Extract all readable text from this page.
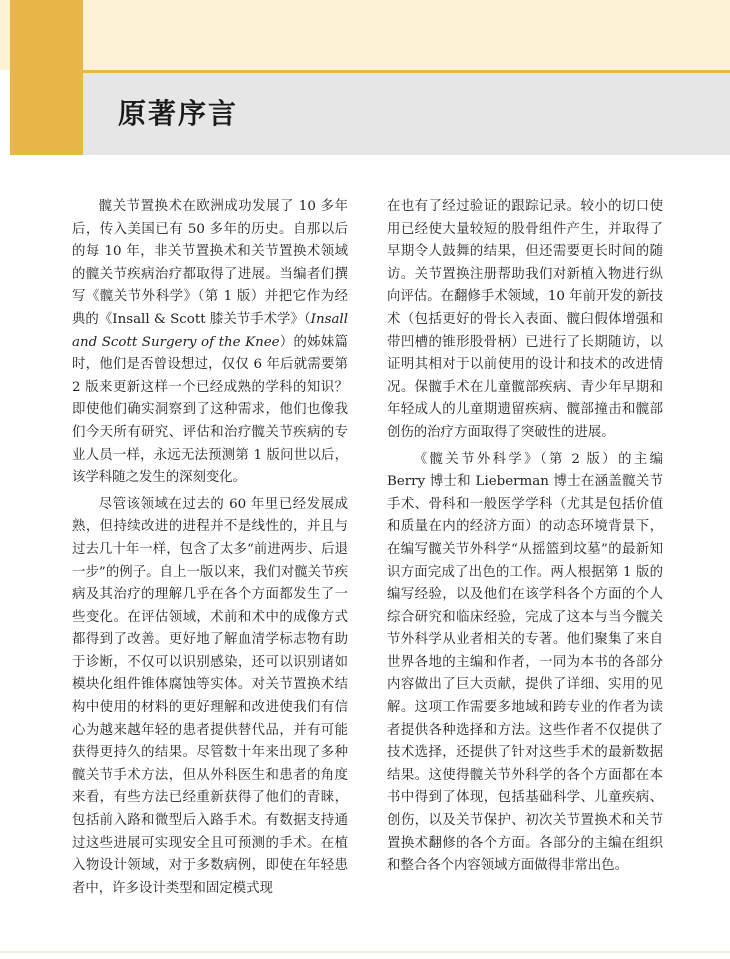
原著序言

髋关节置换术在欧洲成功发展了 10 多年后，传入美国已有 50 多年的历史。自那以后的每 10 年，非关节置换术和关节置换术领域的髋关节疾病治疗都取得了进展。当编者们撰写《髋关节外科学》（第 1 版）并把它作为经典的《Insall & Scott 膝关节手术学》（Insall and Scott Surgery of the Knee）的姊妹篇时，他们是否曾设想过，仅仅 6 年后就需要第 2 版来更新这样一个已经成熟的学科的知识？即使他们确实洞察到了这种需求，他们也像我们今天所有研究、评估和治疗髋关节疾病的专业人员一样，永远无法预测第 1 版问世以后，该学科随之发生的深刻变化。

尽管该领域在过去的 60 年里已经发展成熟，但持续改进的进程并不是线性的，并且与过去几十年一样，包含了太多“前进两步、后退一步”的例子。自上一版以来，我们对髋关节疾病及其治疗的理解几乎在各个方面都发生了一些变化。在评估领域，术前和术中的成像方式都得到了改善。更好地了解血清学标志物有助于诊断，不仅可以识别感染，还可以识别诸如模块化组件锥体腐蚀等实体。对关节置换术结构中使用的材料的更好理解和改进使我们有信心为越来越年轻的患者提供替代品，并有可能获得更持久的结果。尽管数十年来出现了多种髋关节手术方法，但从外科医生和患者的角度来看，有些方法已经重新获得了他们的青睐，包括前入路和微型后入路手术。有数据支持通过这些进展可实现安全且可预测的手术。在植入物设计领域，对于多数病例，即使在年轻患者中，许多设计类型和固定模式现

在也有了经过验证的跟踪记录。较小的切口使用已经使大量较短的股骨组件产生，并取得了早期令人鼓舞的结果，但还需要更长时间的随访。关节置换注册帮助我们对新植入物进行纵向评估。在翻修手术领域，10 年前开发的新技术（包括更好的骨长入表面、髋臼假体增强和带凹槽的锥形股骨柄）已进行了长期随访，以证明其相对于以前使用的设计和技术的改进情况。保髋手术在儿童髋部疾病、青少年早期和年轻成人的儿童期遗留疾病、髋部撞击和髋部创伤的治疗方面取得了突破性的进展。

《髋关节外科学》（第 2 版）的主编 Berry 博士和 Lieberman 博士在涵盖髋关节手术、骨科和一般医学学科（尤其是包括价值和质量在内的经济方面）的动态环境背景下，在编写髋关节外科学“从摇篮到坟墓”的最新知识方面完成了出色的工作。两人根据第 1 版的编写经验，以及他们在该学科各个方面的个人综合研究和临床经验，完成了这本与当今髋关节外科学从业者相关的专著。他们聚集了来自世界各地的主编和作者，一同为本书的各部分内容做出了巨大贡献，提供了详细、实用的见解。这项工作需要多地域和跨专业的作者为读者提供各种选择和方法。这些作者不仅提供了技术选择，还提供了针对这些手术的最新数据结果。这使得髋关节外科学的各个方面都在本书中得到了体现，包括基础科学、儿童疾病、创伤，以及关节保护、初次关节置换术和关节置换术翻修的各个方面。各部分的主编在组织和整合各个内容领域方面做得非常出色。
